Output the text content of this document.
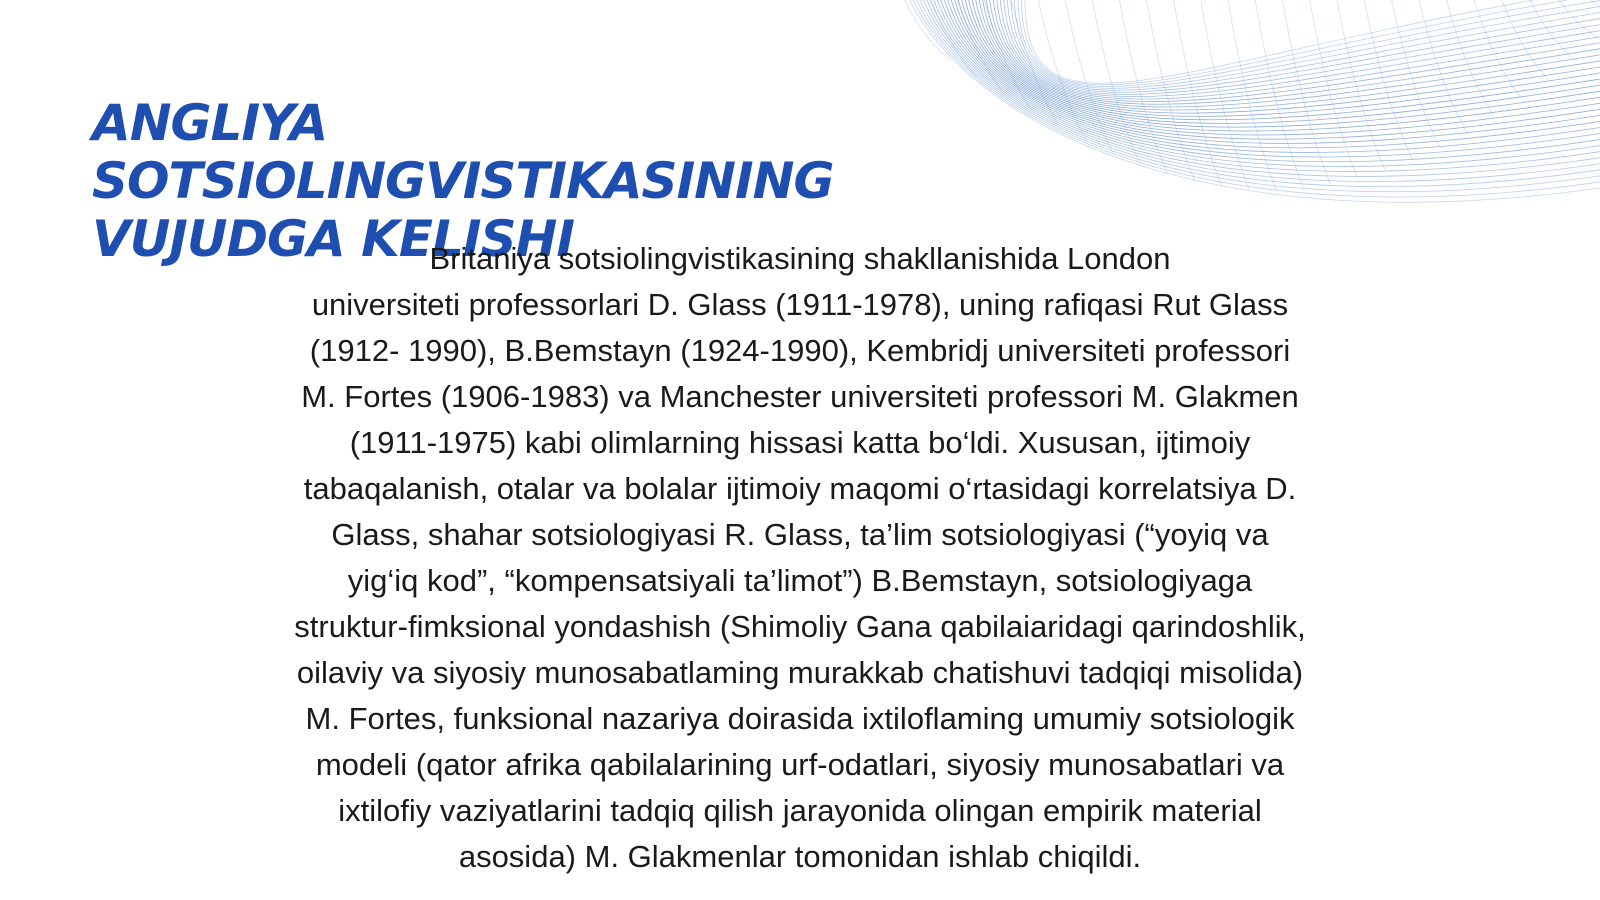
ANGLIYA SOTSIOLINGVISTIKASINING
VUJUDGA KELISHI
Britaniya sotsiolingvistikasining shakllanishida London
universiteti professorlari D. Glass (1911-1978), uning rafiqasi Rut Glass
(1912- 1990), B.Bemstayn (1924-1990), Kembridj universiteti professori
M. Fortes (1906-1983) va Manchester universiteti professori M. Glakmen
(1911-1975) kabi olimlarning hissasi katta bo‘ldi. Xususan, ijtimoiy
tabaqalanish, otalar va bolalar ijtimoiy maqomi o‘rtasidagi korrelatsiya D.
Glass, shahar sotsiologiyasi R. Glass, ta’lim sotsiologiyasi (“yoyiq va
yig‘iq kod”, “kompensatsiyali ta’limot”) B.Bemstayn, sotsiologiyaga
struktur-fimksional yondashish (Shimoliy Gana qabilaiaridagi qarindoshlik,
oilaviy va siyosiy munosabatlaming murakkab chatishuvi tadqiqi misolida)
M. Fortes, funksional nazariya doirasida ixtiloflaming umumiy sotsiologik
modeli (qator afrika qabilalarining urf-odatlari, siyosiy munosabatlari va
ixtilofiy vaziyatlarini tadqiq qilish jarayonida olingan empirik material
asosida) M. Glakmenlar tomonidan ishlab chiqildi.
